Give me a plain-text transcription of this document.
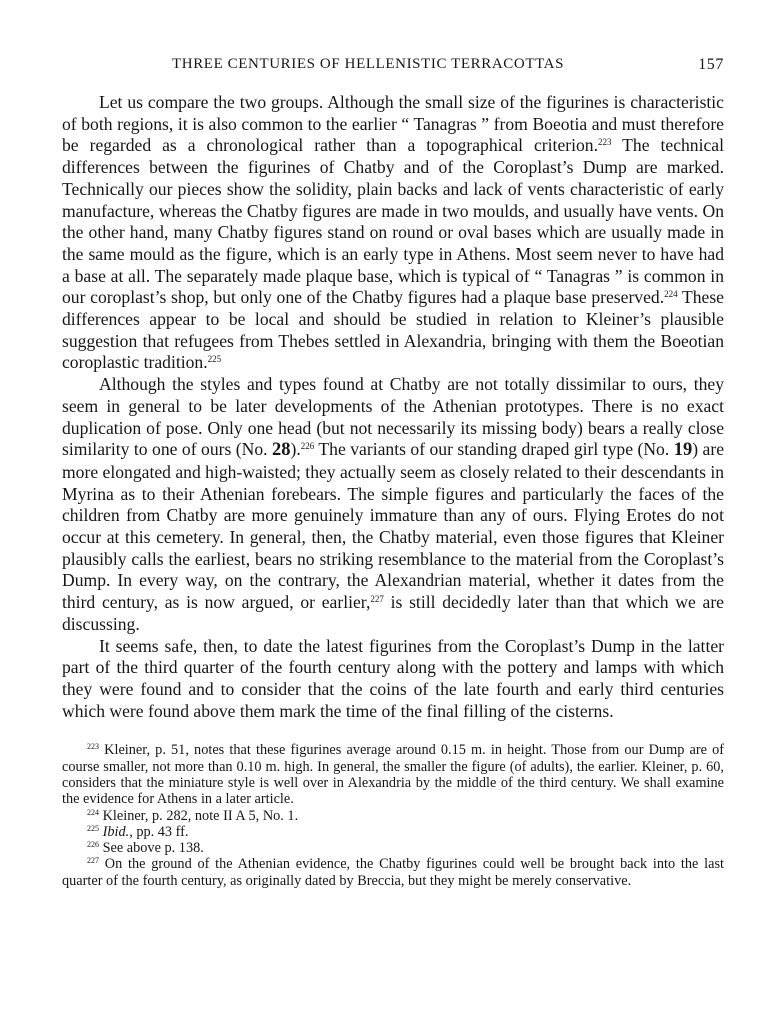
THREE CENTURIES OF HELLENISTIC TERRACOTTAS	157

Let us compare the two groups. Although the small size of the figurines is characteristic of both regions, it is also common to the earlier “ Tanagras ” from Boeotia and must therefore be regarded as a chronological rather than a topographical criterion.$^{223}$ The technical differences between the figurines of Chatby and of the Coroplast’s Dump are marked. Technically our pieces show the solidity, plain backs and lack of vents characteristic of early manufacture, whereas the Chatby figures are made in two moulds, and usually have vents. On the other hand, many Chatby figures stand on round or oval bases which are usually made in the same mould as the figure, which is an early type in Athens. Most seem never to have had a base at all. The separately made plaque base, which is typical of “ Tanagras ” is common in our coroplast’s shop, but only one of the Chatby figures had a plaque base preserved.$^{224}$ These differences appear to be local and should be studied in relation to Kleiner’s plausible suggestion that refugees from Thebes settled in Alexandria, bringing with them the Boeotian coroplastic tradition.$^{225}$

Although the styles and types found at Chatby are not totally dissimilar to ours, they seem in general to be later developments of the Athenian prototypes. There is no exact duplication of pose. Only one head (but not necessarily its missing body) bears a really close similarity to one of ours (No. 28).$^{226}$ The variants of our standing draped girl type (No. 19) are more elongated and high-waisted; they actually seem as closely related to their descendants in Myrina as to their Athenian forebears. The simple figures and particularly the faces of the children from Chatby are more genuinely immature than any of ours. Flying Erotes do not occur at this cemetery. In general, then, the Chatby material, even those figures that Kleiner plausibly calls the earliest, bears no striking resemblance to the material from the Coroplast’s Dump. In every way, on the contrary, the Alexandrian material, whether it dates from the third century, as is now argued, or earlier,$^{227}$ is still decidedly later than that which we are discussing.

It seems safe, then, to date the latest figurines from the Coroplast’s Dump in the latter part of the third quarter of the fourth century along with the pottery and lamps with which they were found and to consider that the coins of the late fourth and early third centuries which were found above them mark the time of the final filling of the cisterns.

$^{223}$ Kleiner, p. 51, notes that these figurines average around 0.15 m. in height. Those from our Dump are of course smaller, not more than 0.10 m. high. In general, the smaller the figure (of adults), the earlier. Kleiner, p. 60, considers that the miniature style is well over in Alexandria by the middle of the third century. We shall examine the evidence for Athens in a later article.

$^{224}$ Kleiner, p. 282, note II A 5, No. 1.

$^{225}$ Ibid., pp. 43 ff.

$^{226}$ See above p. 138.

$^{227}$ On the ground of the Athenian evidence, the Chatby figurines could well be brought back into the last quarter of the fourth century, as originally dated by Breccia, but they might be merely conservative.
